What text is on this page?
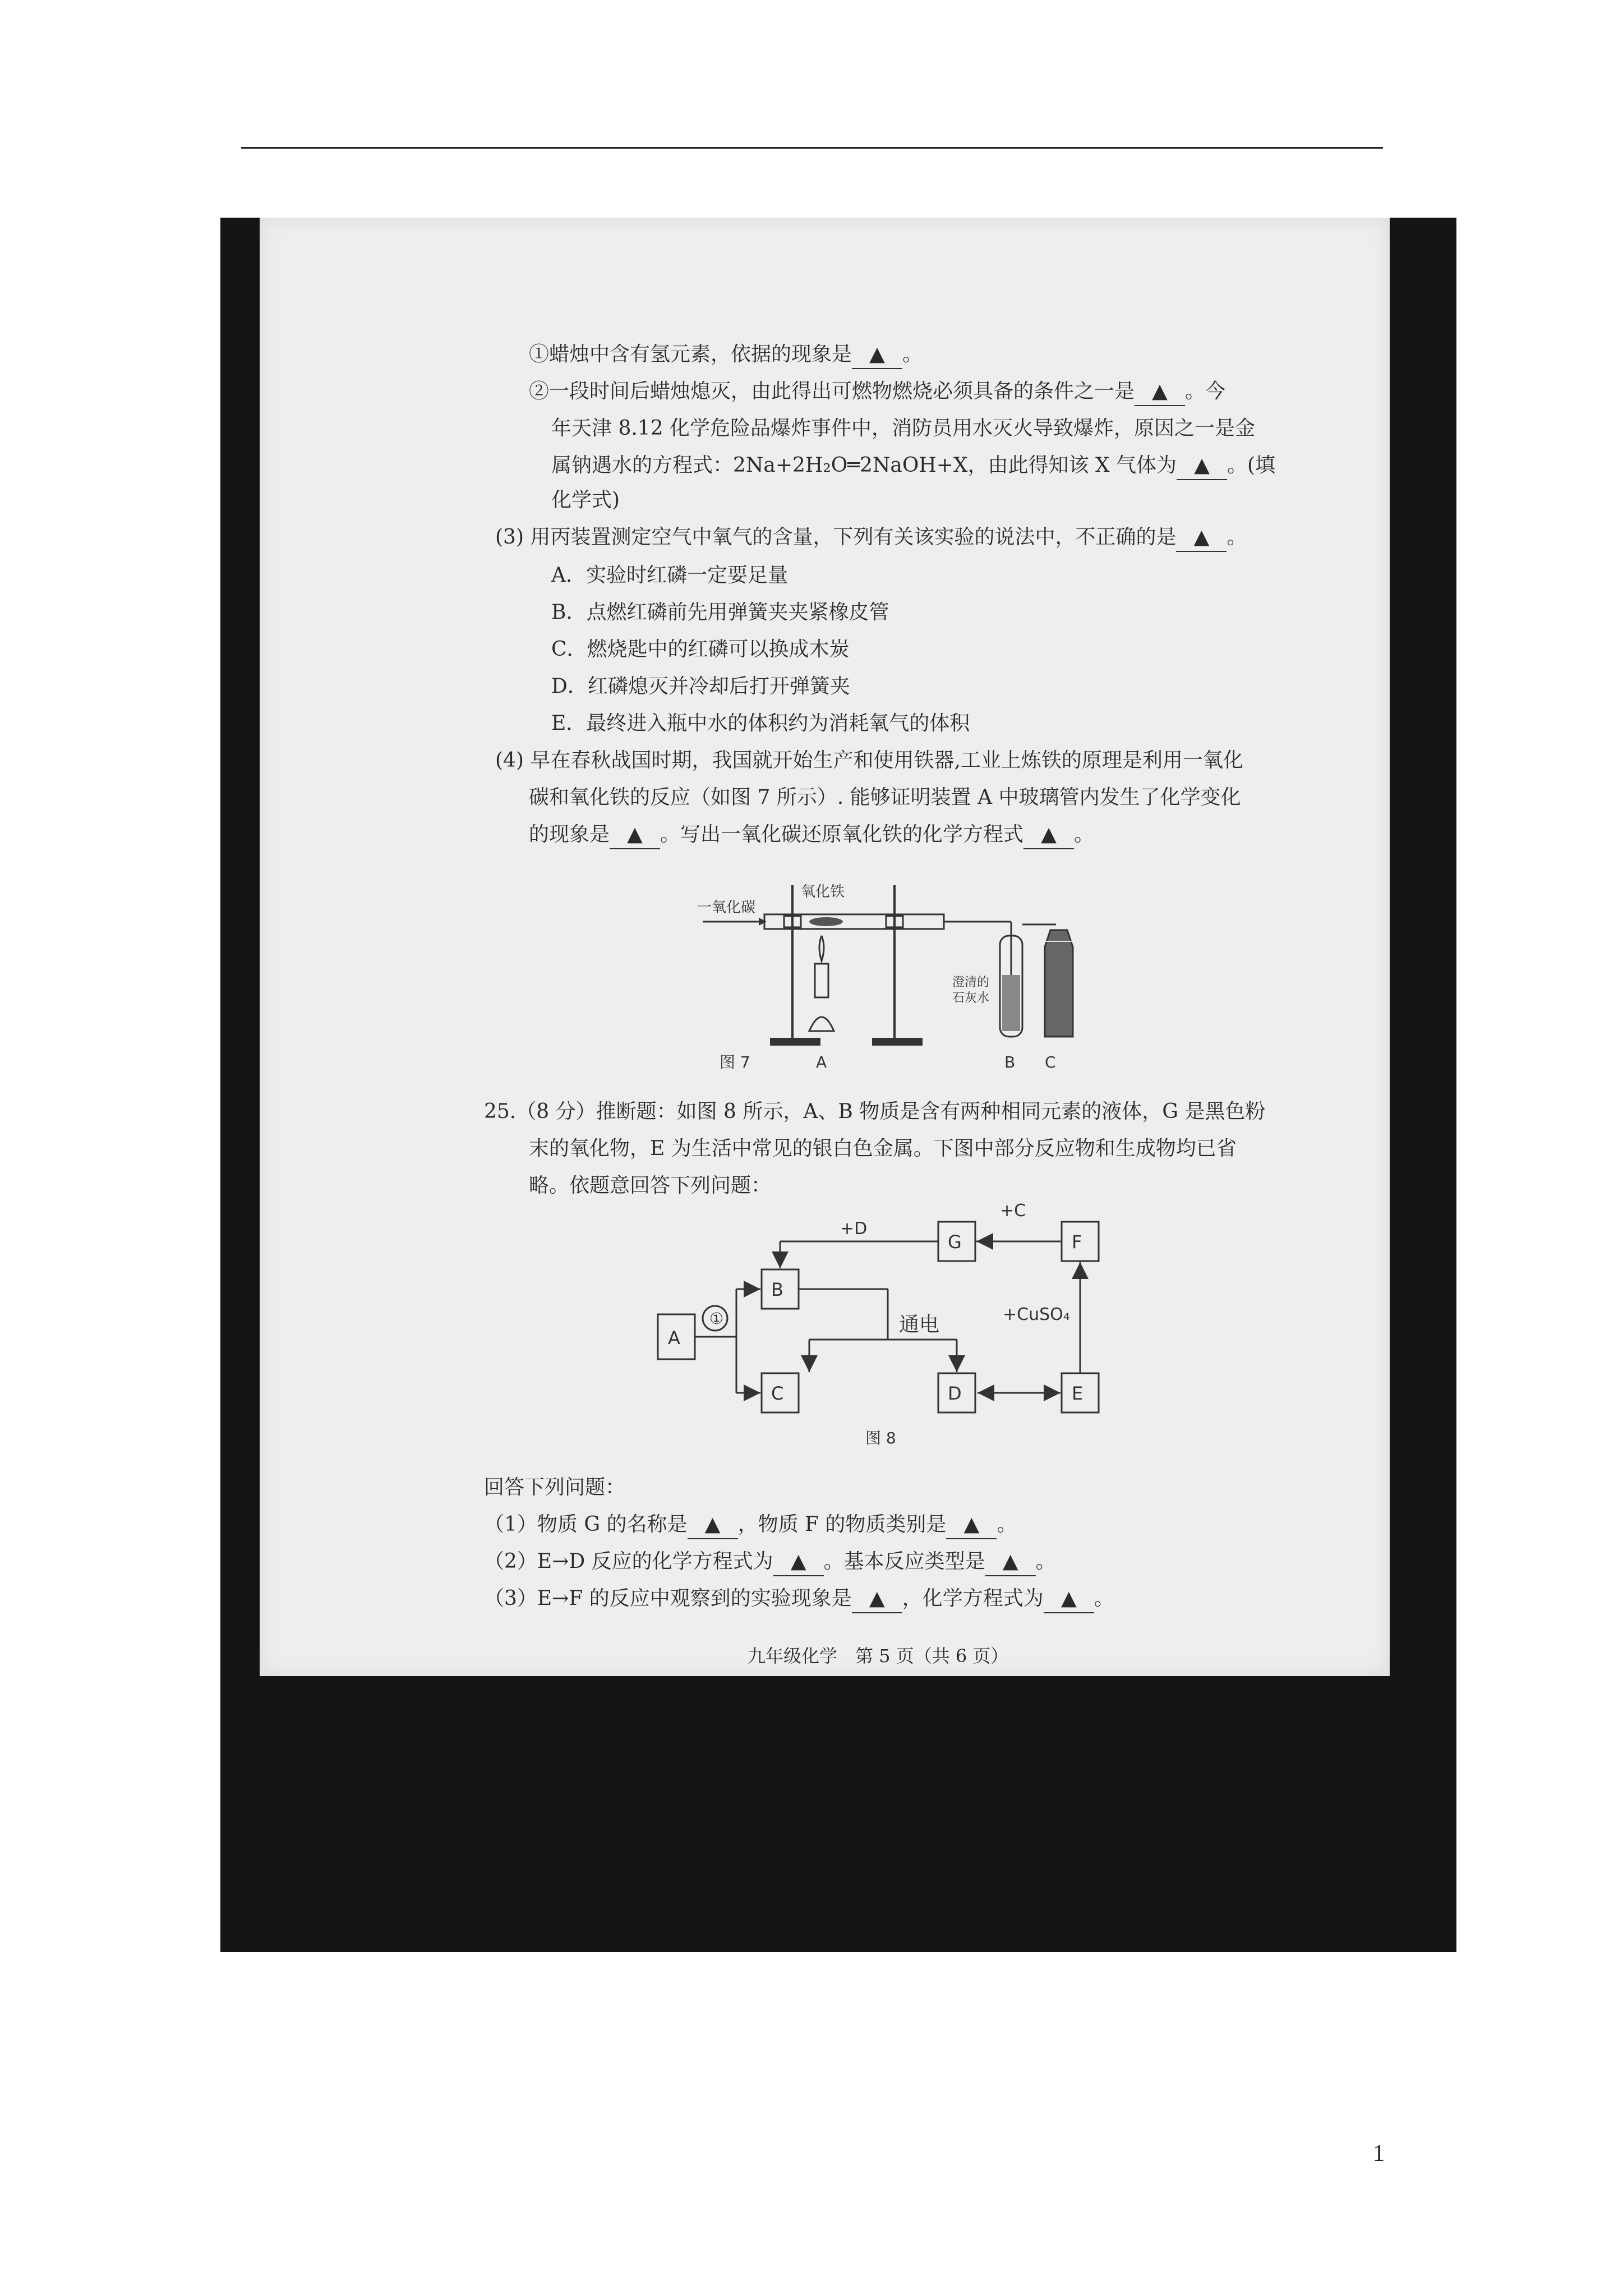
①蜡烛中含有氢元素，依据的现象是 ▲ 。
②一段时间后蜡烛熄灭，由此得出可燃物燃烧必须具备的条件之一是 ▲ 。今
年天津 8.12 化学危险品爆炸事件中，消防员用水灭火导致爆炸，原因之一是金
属钠遇水的方程式：2Na+2H₂O═2NaOH+X，由此得知该 X 气体为 ▲ 。(填
化学式)
(3) 用丙装置测定空气中氧气的含量，下列有关该实验的说法中，不正确的是 ▲ 。
A．实验时红磷一定要足量
B．点燃红磷前先用弹簧夹夹紧橡皮管
C．燃烧匙中的红磷可以换成木炭
D．红磷熄灭并冷却后打开弹簧夹
E．最终进入瓶中水的体积约为消耗氧气的体积
(4) 早在春秋战国时期，我国就开始生产和使用铁器,工业上炼铁的原理是利用一氧化
碳和氧化铁的反应（如图 7 所示）. 能够证明装置 A 中玻璃管内发生了化学变化
的现象是 ▲ 。写出一氧化碳还原氧化铁的化学方程式 ▲ 。
一氧化碳
氧化铁
澄清的
石灰水
图 7	A	B C
25.（8 分）推断题：如图 8 所示，A、B 物质是含有两种相同元素的液体，G 是黑色粉
末的氧化物，E 为生活中常见的银白色金属。下图中部分反应物和生成物均已省
略。依题意回答下列问题：
A
B
C	D	E
F
G
①
+D
+C
通电	+CuSO₄
图 8
回答下列问题：
（1）物质 G 的名称是 ▲ ，物质 F 的物质类别是 ▲ 。
（2）E→D 反应的化学方程式为 ▲ 。基本反应类型是 ▲ 。
（3）E→F 的反应中观察到的实验现象是 ▲ ，化学方程式为 ▲ 。
九年级化学　第 5 页（共 6 页）
1
